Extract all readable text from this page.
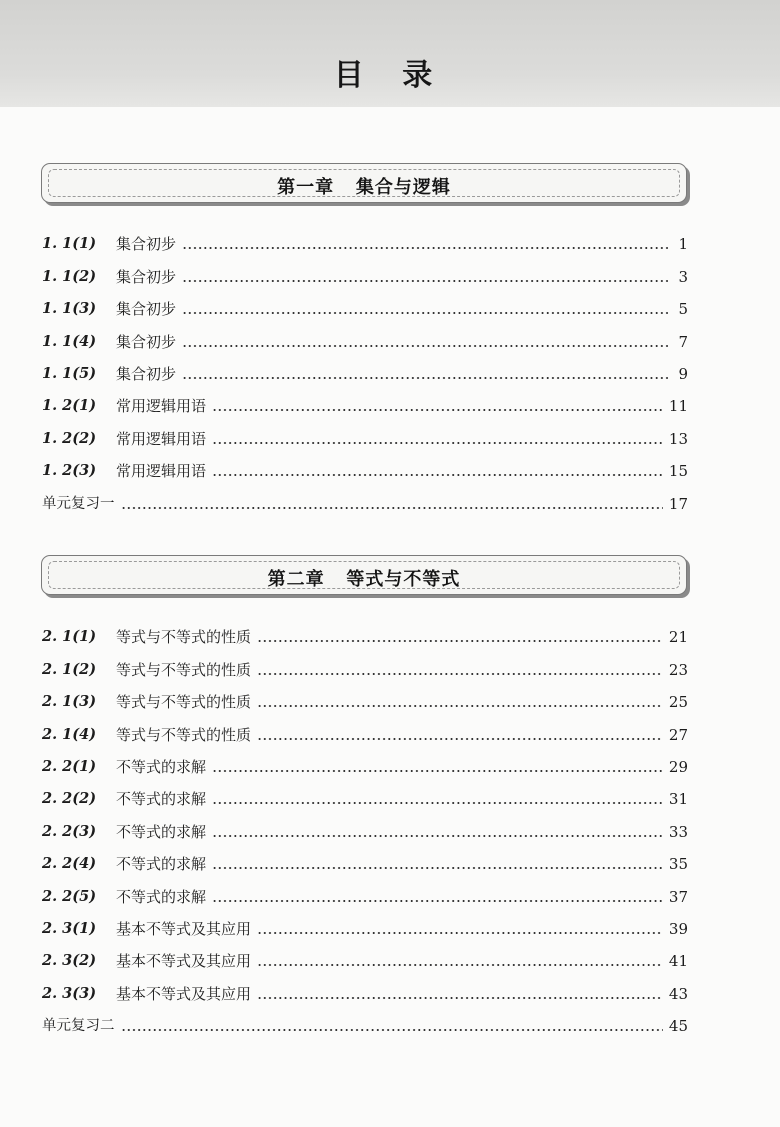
目 录
第一章   集合与逻辑
1. 1(1)	集合初步	1
1. 1(2)	集合初步	3
1. 1(3)	集合初步	5
1. 1(4)	集合初步	7
1. 1(5)	集合初步	9
1. 2(1)	常用逻辑用语	11
1. 2(2)	常用逻辑用语	13
1. 2(3)	常用逻辑用语	15
单元复习一	17
第二章   等式与不等式
2. 1(1)	等式与不等式的性质	21
2. 1(2)	等式与不等式的性质	23
2. 1(3)	等式与不等式的性质	25
2. 1(4)	等式与不等式的性质	27
2. 2(1)	不等式的求解	29
2. 2(2)	不等式的求解	31
2. 2(3)	不等式的求解	33
2. 2(4)	不等式的求解	35
2. 2(5)	不等式的求解	37
2. 3(1)	基本不等式及其应用	39
2. 3(2)	基本不等式及其应用	41
2. 3(3)	基本不等式及其应用	43
单元复习二	45
